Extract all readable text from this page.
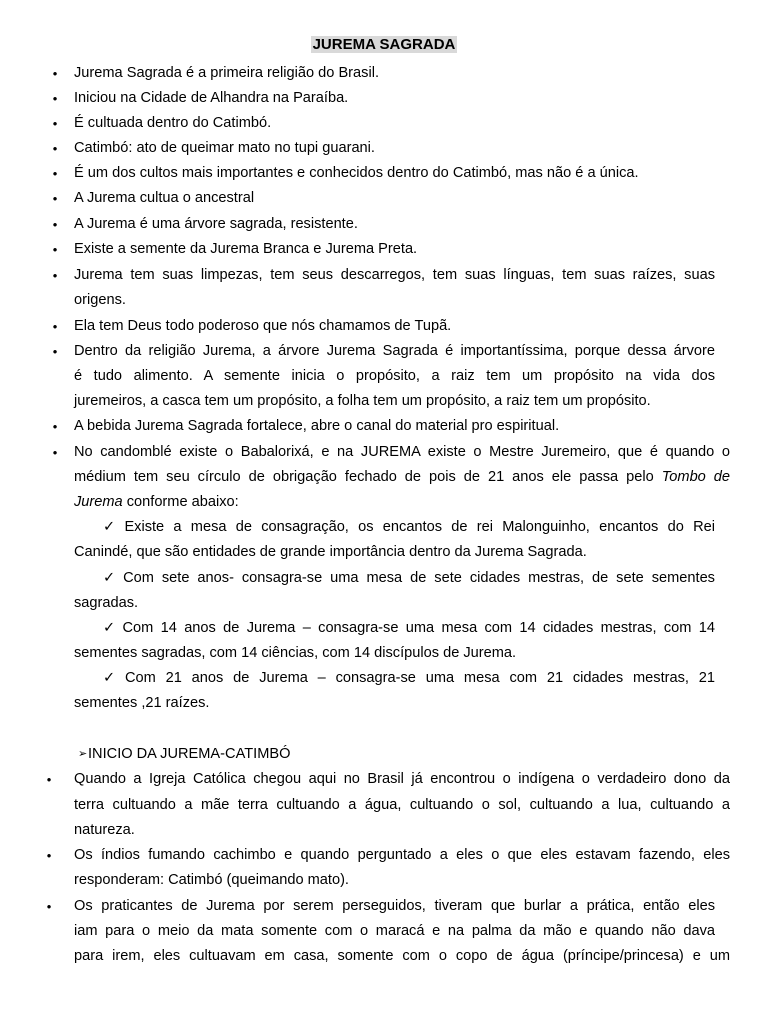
JUREMA SAGRADA
• Jurema Sagrada é a primeira religião do Brasil.
• Iniciou na Cidade de Alhandra na Paraíba.
• É cultuada dentro do Catimbó.
• Catimbó: ato de queimar mato no tupi guarani.
• É um dos cultos mais importantes e conhecidos dentro do Catimbó, mas não é a única.
• A Jurema cultua o ancestral
• A Jurema é uma árvore sagrada, resistente.
• Existe a semente da Jurema Branca e Jurema Preta.
• Jurema tem suas limpezas, tem seus descarregos, tem suas línguas, tem suas raízes, suas
origens.
• Ela tem Deus todo poderoso que nós chamamos de Tupã.
• Dentro da religião Jurema, a árvore Jurema Sagrada é importantíssima, porque dessa árvore
é tudo alimento. A semente inicia o propósito, a raiz tem um propósito na vida dos
juremeiros, a casca tem um propósito, a folha tem um propósito, a raiz tem um propósito.
• A bebida Jurema Sagrada fortalece, abre o canal do material pro espiritual.
• No candomblé existe o Babalorixá, e na JUREMA existe o Mestre Juremeiro, que é quando o
médium tem seu círculo de obrigação fechado de pois de 21 anos ele passa pelo Tombo de
Jurema conforme abaixo:
✓ Existe a mesa de consagração, os encantos de rei Malonguinho, encantos do Rei
Canindé, que são entidades de grande importância dentro da Jurema Sagrada.
✓ Com sete anos- consagra-se uma mesa de sete cidades mestras, de sete sementes
sagradas.
✓ Com 14 anos de Jurema – consagra-se uma mesa com 14 cidades mestras, com 14
sementes sagradas, com 14 ciências, com 14 discípulos de Jurema.
✓ Com 21 anos de Jurema – consagra-se uma mesa com 21 cidades mestras, 21
sementes ,21 raízes.
➢ INICIO DA JUREMA-CATIMBÓ
• Quando a Igreja Católica chegou aqui no Brasil já encontrou o indígena o verdadeiro dono da
terra cultuando a mãe terra cultuando a água, cultuando o sol, cultuando a lua, cultuando a
natureza.
• Os índios fumando cachimbo e quando perguntado a eles o que eles estavam fazendo, eles
responderam: Catimbó (queimando mato).
• Os praticantes de Jurema por serem perseguidos, tiveram que burlar a prática, então eles
iam para o meio da mata somente com o maracá e na palma da mão e quando não dava
para irem, eles cultuavam em casa, somente com o copo de água (príncipe/princesa) e um
